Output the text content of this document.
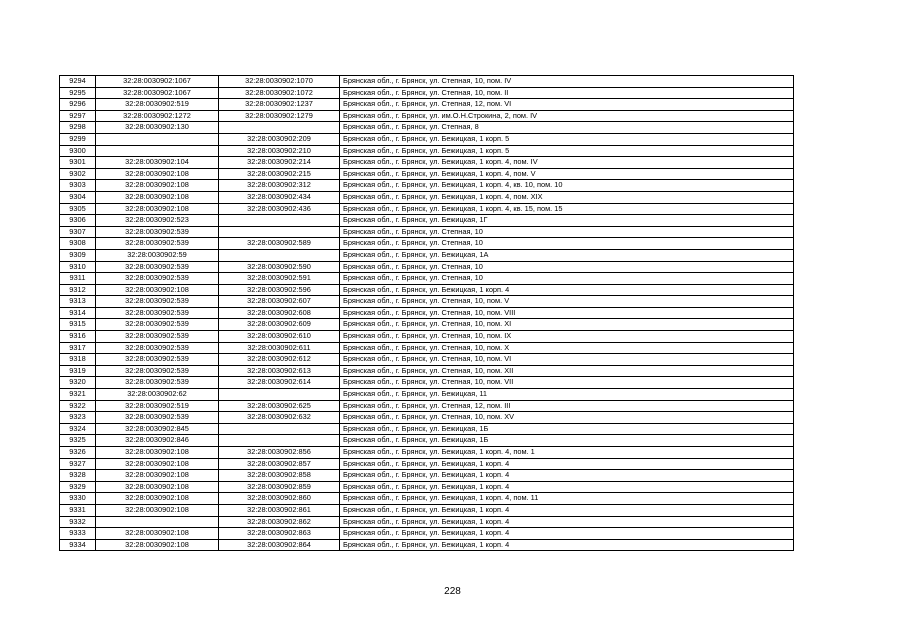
9294	32:28:0030902:1067	32:28:0030902:1070	Брянская обл., г. Брянск, ул. Степная, 10, пом. IV
9295	32:28:0030902:1067	32:28:0030902:1072	Брянская обл., г. Брянск, ул. Степная, 10, пом. II
9296	32:28:0030902:519	32:28:0030902:1237	Брянская обл., г. Брянск, ул. Степная, 12, пом. VI
9297	32:28:0030902:1272	32:28:0030902:1279	Брянская обл., г. Брянск, ул. им.О.Н.Строкина, 2, пом. IV
9298	32:28:0030902:130		Брянская обл., г. Брянск, ул. Степная, 8
9299		32:28:0030902:209	Брянская обл., г. Брянск, ул. Бежицкая, 1 корп. 5
9300		32:28:0030902:210	Брянская обл., г. Брянск, ул. Бежицкая, 1 корп. 5
9301	32:28:0030902:104	32:28:0030902:214	Брянская обл., г. Брянск, ул. Бежицкая, 1 корп. 4, пом. IV
9302	32:28:0030902:108	32:28:0030902:215	Брянская обл., г. Брянск, ул. Бежицкая, 1 корп. 4, пом. V
9303	32:28:0030902:108	32:28:0030902:312	Брянская обл., г. Брянск, ул. Бежицкая, 1 корп. 4, кв. 10, пом. 10
9304	32:28:0030902:108	32:28:0030902:434	Брянская обл., г. Брянск, ул. Бежицкая, 1 корп. 4, пом. XIX
9305	32:28:0030902:108	32:28:0030902:436	Брянская обл., г. Брянск, ул. Бежицкая, 1 корп. 4, кв. 15, пом. 15
9306	32:28:0030902:523		Брянская обл., г. Брянск, ул. Бежицкая, 1Г
9307	32:28:0030902:539		Брянская обл., г. Брянск, ул. Степная, 10
9308	32:28:0030902:539	32:28:0030902:589	Брянская обл., г. Брянск, ул. Степная, 10
9309	32:28:0030902:59		Брянская обл., г. Брянск, ул. Бежицкая, 1А
9310	32:28:0030902:539	32:28:0030902:590	Брянская обл., г. Брянск, ул. Степная, 10
9311	32:28:0030902:539	32:28:0030902:591	Брянская обл., г. Брянск, ул. Степная, 10
9312	32:28:0030902:108	32:28:0030902:596	Брянская обл., г. Брянск, ул. Бежицкая, 1 корп. 4
9313	32:28:0030902:539	32:28:0030902:607	Брянская обл., г. Брянск, ул. Степная, 10, пом. V
9314	32:28:0030902:539	32:28:0030902:608	Брянская обл., г. Брянск, ул. Степная, 10, пом. VIII
9315	32:28:0030902:539	32:28:0030902:609	Брянская обл., г. Брянск, ул. Степная, 10, пом. XI
9316	32:28:0030902:539	32:28:0030902:610	Брянская обл., г. Брянск, ул. Степная, 10, пом. IX
9317	32:28:0030902:539	32:28:0030902:611	Брянская обл., г. Брянск, ул. Степная, 10, пом. X
9318	32:28:0030902:539	32:28:0030902:612	Брянская обл., г. Брянск, ул. Степная, 10, пом. VI
9319	32:28:0030902:539	32:28:0030902:613	Брянская обл., г. Брянск, ул. Степная, 10, пом. XII
9320	32:28:0030902:539	32:28:0030902:614	Брянская обл., г. Брянск, ул. Степная, 10, пом. VII
9321	32:28:0030902:62		Брянская обл., г. Брянск, ул. Бежицкая, 11
9322	32:28:0030902:519	32:28:0030902:625	Брянская обл., г. Брянск, ул. Степная, 12, пом. III
9323	32:28:0030902:539	32:28:0030902:632	Брянская обл., г. Брянск, ул. Степная, 10, пом. XV
9324	32:28:0030902:845		Брянская обл., г. Брянск, ул. Бежицкая, 1Б
9325	32:28:0030902:846		Брянская обл., г. Брянск, ул. Бежицкая, 1Б
9326	32:28:0030902:108	32:28:0030902:856	Брянская обл., г. Брянск, ул. Бежицкая, 1 корп. 4, пом. 1
9327	32:28:0030902:108	32:28:0030902:857	Брянская обл., г. Брянск, ул. Бежицкая, 1 корп. 4
9328	32:28:0030902:108	32:28:0030902:858	Брянская обл., г. Брянск, ул. Бежицкая, 1 корп. 4
9329	32:28:0030902:108	32:28:0030902:859	Брянская обл., г. Брянск, ул. Бежицкая, 1 корп. 4
9330	32:28:0030902:108	32:28:0030902:860	Брянская обл., г. Брянск, ул. Бежицкая, 1 корп. 4, пом. 11
9331	32:28:0030902:108	32:28:0030902:861	Брянская обл., г. Брянск, ул. Бежицкая, 1 корп. 4
9332		32:28:0030902:862	Брянская обл., г. Брянск, ул. Бежицкая, 1 корп. 4
9333	32:28:0030902:108	32:28:0030902:863	Брянская обл., г. Брянск, ул. Бежицкая, 1 корп. 4
9334	32:28:0030902:108	32:28:0030902:864	Брянская обл., г. Брянск, ул. Бежицкая, 1 корп. 4
228
